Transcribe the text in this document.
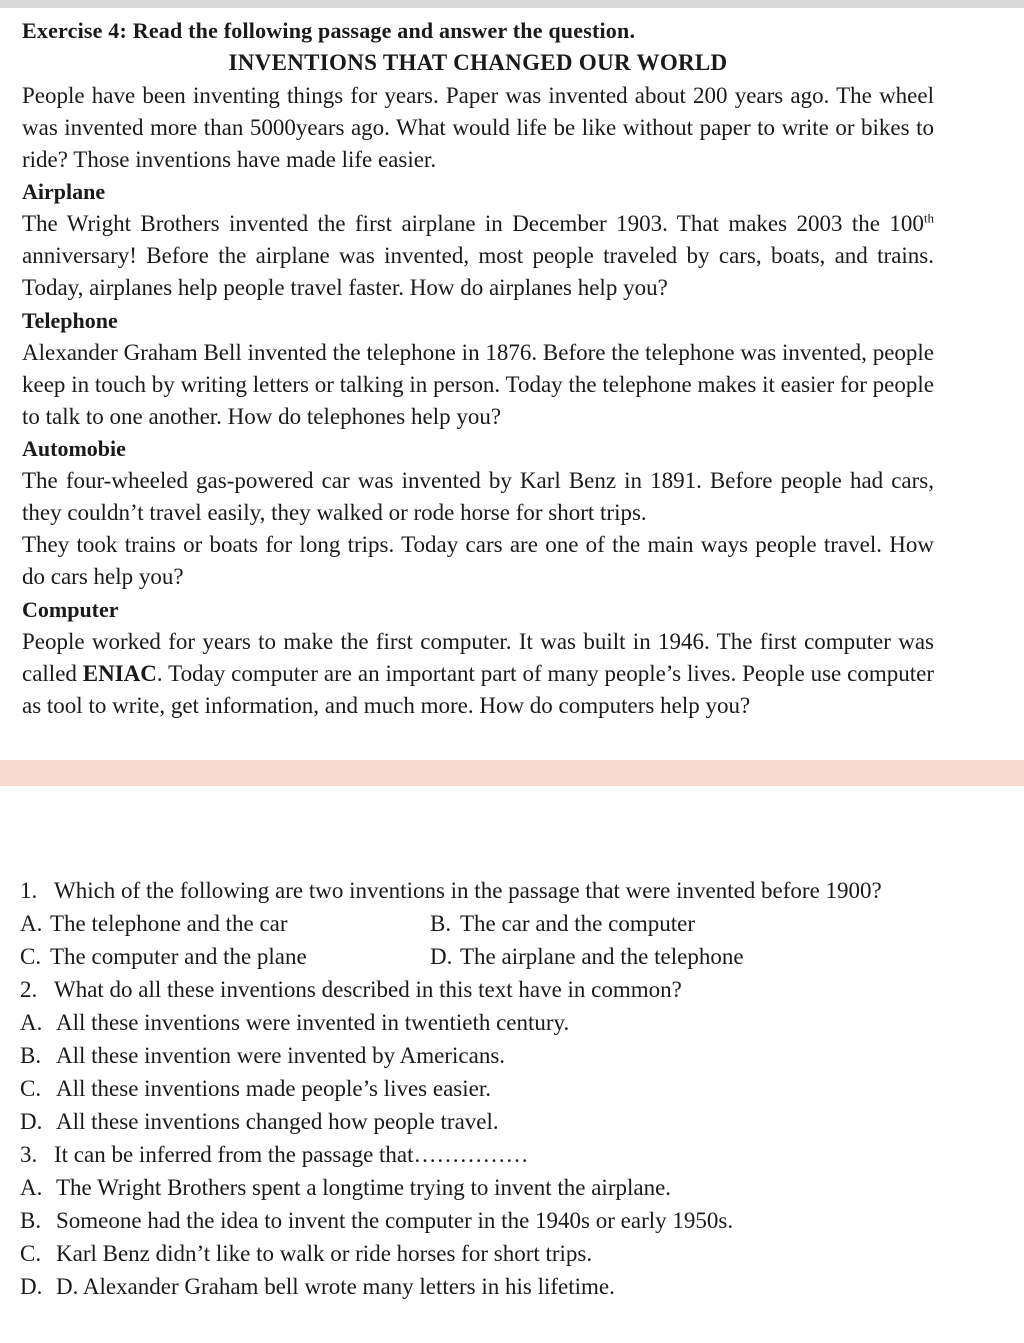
Exercise 4: Read the following passage and answer the question.
INVENTIONS THAT CHANGED OUR WORLD
People have been inventing things for years. Paper was invented about 200 years ago. The wheel was invented more than 5000years ago. What would life be like without paper to write or bikes to ride? Those inventions have made life easier.
Airplane
The Wright Brothers invented the first airplane in December 1903. That makes 2003 the 100th anniversary! Before the airplane was invented, most people traveled by cars, boats, and trains. Today, airplanes help people travel faster. How do airplanes help you?
Telephone
Alexander Graham Bell invented the telephone in 1876. Before the telephone was invented, people keep in touch by writing letters or talking in person. Today the telephone makes it easier for people to talk to one another. How do telephones help you?
Automobie
The four-wheeled gas-powered car was invented by Karl Benz in 1891. Before people had cars, they couldn’t travel easily, they walked or rode horse for short trips.
They took trains or boats for long trips. Today cars are one of the main ways people travel. How do cars help you?
Computer
People worked for years to make the first computer. It was built in 1946. The first computer was called ENIAC. Today computer are an important part of many people’s lives. People use computer as tool to write, get information, and much more. How do computers help you?
1. Which of the following are two inventions in the passage that were invented before 1900?
A. The telephone and the car	B. The car and the computer
C. The computer and the plane	D. The airplane and the telephone
2. What do all these inventions described in this text have in common?
A. All these inventions were invented in twentieth century.
B. All these invention were invented by Americans.
C. All these inventions made people’s lives easier.
D. All these inventions changed how people travel.
3. It can be inferred from the passage that……………
A. The Wright Brothers spent a longtime trying to invent the airplane.
B. Someone had the idea to invent the computer in the 1940s or early 1950s.
C. Karl Benz didn’t like to walk or ride horses for short trips.
D. D. Alexander Graham bell wrote many letters in his lifetime.
